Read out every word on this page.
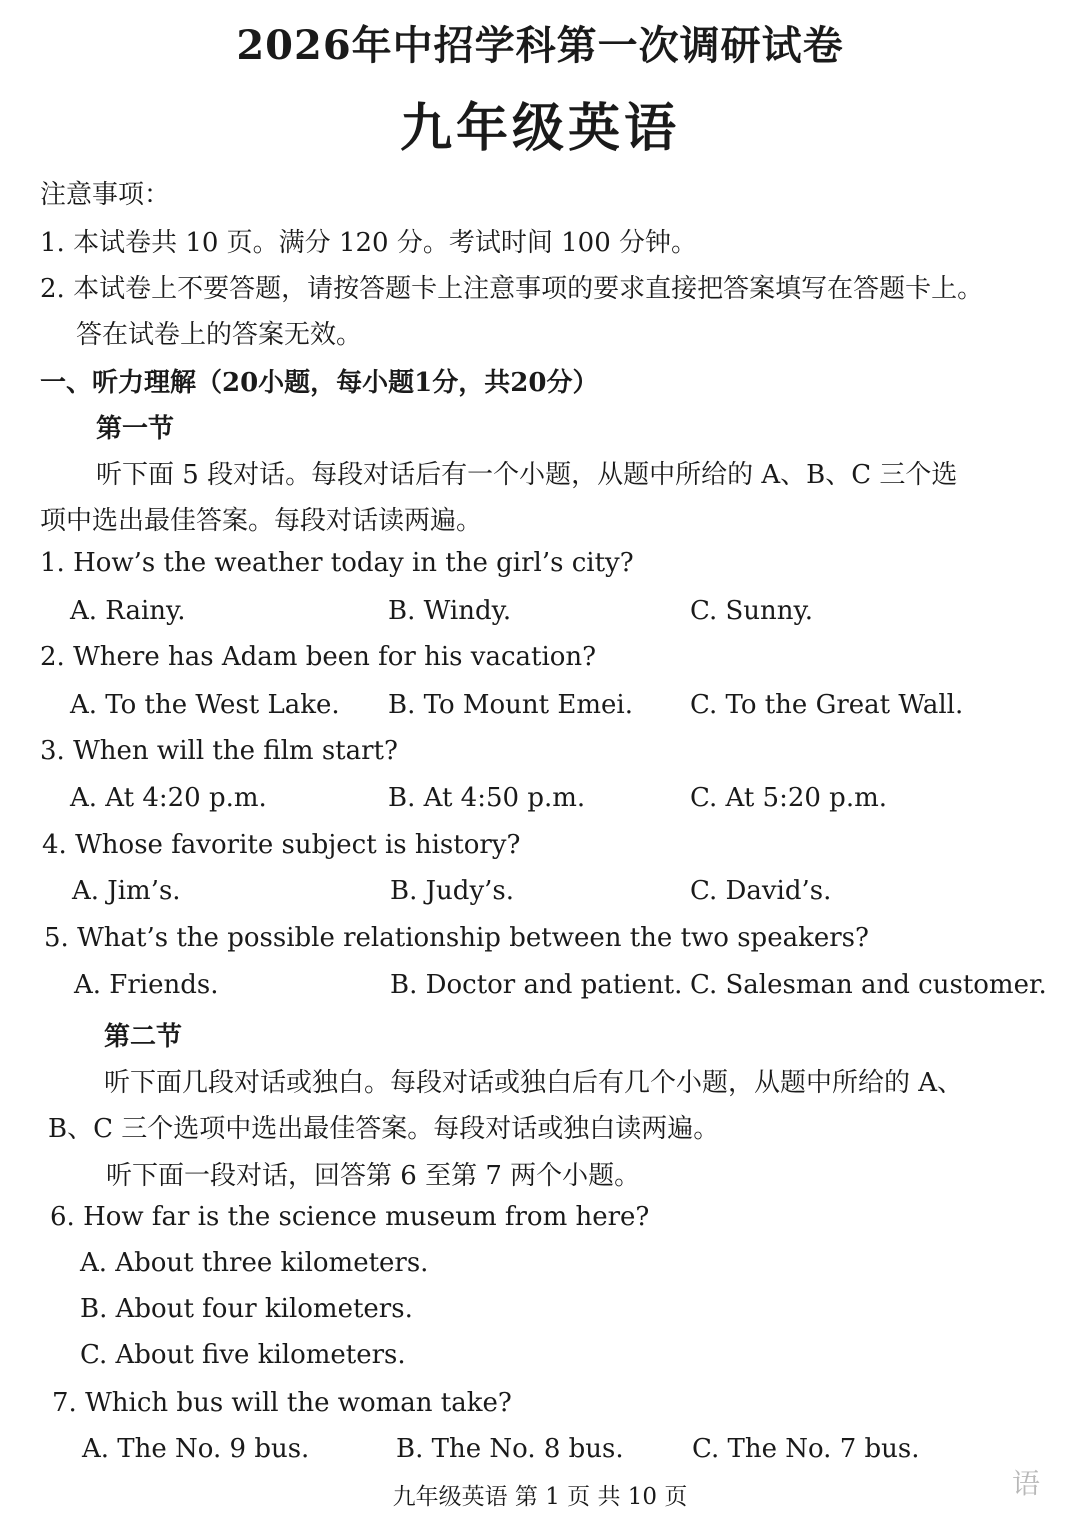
2026年中招学科第一次调研试卷
九年级英语
注意事项：
1. 本试卷共 10 页。满分 120 分。考试时间 100 分钟。
2. 本试卷上不要答题，请按答题卡上注意事项的要求直接把答案填写在答题卡上。
答在试卷上的答案无效。
一、听力理解（20小题，每小题1分，共20分）
第一节
听下面 5 段对话。每段对话后有一个小题，从题中所给的 A、B、C 三个选
项中选出最佳答案。每段对话读两遍。
1. How’s the weather today in the girl’s city?
A. Rainy.	B. Windy.	C. Sunny.
2. Where has Adam been for his vacation?
A. To the West Lake. B. To Mount Emei. C. To the Great Wall.
3. When will the film start?
A. At 4:20 p.m.	B. At 4:50 p.m.	C. At 5:20 p.m.
4. Whose favorite subject is history?
A. Jim’s.	B. Judy’s.	C. David’s.
5. What’s the possible relationship between the two speakers?
A. Friends.	B. Doctor and patient. C. Salesman and customer.
第二节
听下面几段对话或独白。每段对话或独白后有几个小题，从题中所给的 A、
B、C 三个选项中选出最佳答案。每段对话或独白读两遍。
听下面一段对话，回答第 6 至第 7 两个小题。
6. How far is the science museum from here?
A. About three kilometers.
B. About four kilometers.
C. About five kilometers.
7. Which bus will the woman take?
A. The No. 9 bus.	B. The No. 8 bus.	C. The No. 7 bus.
九年级英语 第 1 页 共 10 页	语
